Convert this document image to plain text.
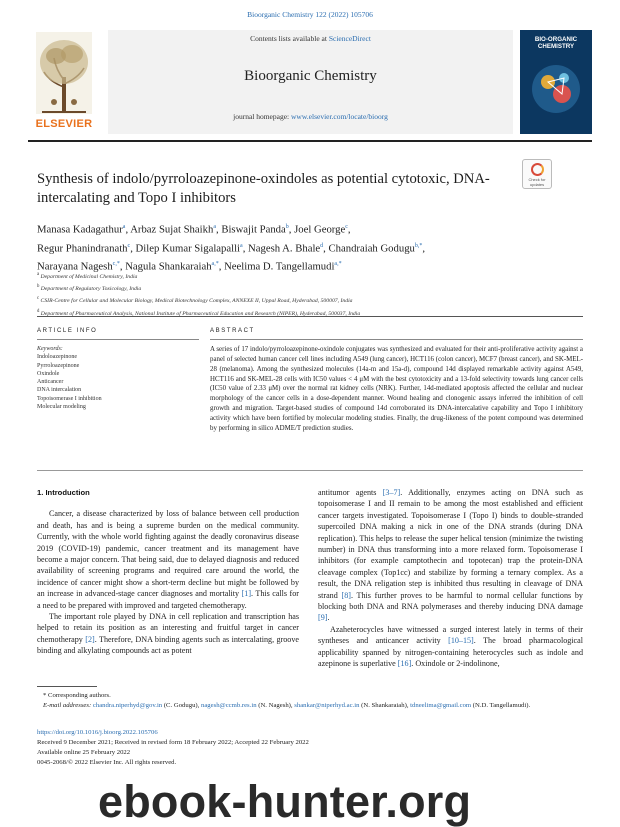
Bioorganic Chemistry 122 (2022) 105706
ELSEVIER
Contents lists available at ScienceDirect
Bioorganic Chemistry
journal homepage: www.elsevier.com/locate/bioorg
BIO-ORGANIC CHEMISTRY
Synthesis of indolo/pyrroloazepinone-oxindoles as potential cytotoxic, DNA-intercalating and Topo I inhibitors
Check for updates
Manasa Kadagathur$^a$, Arbaz Sujat Shaikh$^a$, Biswajit Panda$^b$, Joel George$^c$,
Regur Phanindranath$^c$, Dilep Kumar Sigalapalli$^a$, Nagesh A. Bhale$^d$, Chandraiah Godugu$^{b,*}$,
Narayana Nagesh$^{c,*}$, Nagula Shankaraiah$^{a,*}$, Neelima D. Tangellamudi$^{a,*}$
$^a$ Department of Medicinal Chemistry, India
$^b$ Department of Regulatory Toxicology, India
$^c$ CSIR-Centre for Cellular and Molecular Biology, Medical Biotechnology Complex, ANNEXE II, Uppal Road, Hyderabad, 500007, India
$^d$ Department of Pharmaceutical Analysis, National Institute of Pharmaceutical Education and Research (NIPER), Hyderabad, 500037, India
ARTICLE INFO	ABSTRACT
Keywords:
Indoloazepinone
Pyrroloazepinone
Oxindole
Anticancer
DNA intercalation
Topoisomerase I inhibition
Molecular modeling
A series of 17 indolo/pyrroloazepinone-oxindole conjugates was synthesized and evaluated for their anti-proliferative activity against a panel of selected human cancer cell lines including A549 (lung cancer), HCT116 (colon cancer), MCF7 (breast cancer), and SK-MEL-28 (melanoma). Among the synthesized molecules (14a-m and 15a-d), compound 14d displayed remarkable activity against A549, HCT116 and SK-MEL-28 cells with IC50 values < 4 μM with the best cytotoxicity and a 13-fold selectivity towards lung cancer cells (IC50 value of 2.33 μM) over the normal rat kidney cells (NRK). Further, 14d-mediated apoptosis affected the cellular and nuclear morphology of the cancer cells in a dose-dependent manner. Wound healing and clonogenic assays inferred the inhibition of cell growth and migration. Target-based studies of compound 14d corroborated its DNA-intercalative capability and Topo I inhibitory activity which have been fortified by molecular modeling studies. Finally, the drug-likeness of the potent compound was determined by performing in silico ADME/T prediction studies.
1. Introduction

Cancer, a disease characterized by loss of balance between cell production and death, has and is being a supreme burden on the medical community. Currently, with the whole world fighting against the deadly coronavirus disease 2019 (COVID-19) pandemic, cancer treatment and its management have become a major concern. That being said, due to delayed diagnosis and reduced availability of screening programs and required care around the world, the incidence of cancer might show a short-term decline but might be followed by an increase in advanced-stage cancer diagnoses and mortality [1]. This calls for a need to be prepared with improved and targeted chemotherapy.

The important role played by DNA in cell replication and transcription has helped to retain its position as an interesting and fruitful target in cancer chemotherapy [2]. Therefore, DNA binding agents such as intercalating, groove binding and alkylating compounds act as potent

antitumor agents [3–7]. Additionally, enzymes acting on DNA such as topoisomerase I and II remain to be among the most established and efficient cancer targets investigated. Topoisomerase I (Topo I) binds to double-stranded supercoiled DNA making a nick in one of the DNA strands (during DNA replication). This helps to release the super helical tension (minimize the twisting number) in DNA thus transforming into a more relaxed form. Topoisomerase I inhibitors (for example camptothecin and topotecan) trap the protein-DNA cleavage complex (Top1cc) and stabilize by forming a ternary complex. As a result, the DNA religation step is inhibited thus resulting in cleavage of DNA strand [8]. This further proves to be harmful to normal cellular functions by blocking both DNA and RNA polymerases and thereby inducing DNA damage [9].

Azaheterocycles have witnessed a surged interest lately in terms of their syntheses and anticancer activity [10–15]. The broad pharmacological applicability spanned by nitrogen-containing heterocycles such as indole and azepinone is superlative [16]. Oxindole or 2-indolinone,

* Corresponding authors.
E-mail addresses: chandra.niperhyd@gov.in (C. Godugu), nagesh@ccmb.res.in (N. Nagesh), shankar@niperhyd.ac.in (N. Shankaraiah), tdneelima@gmail.com (N.D. Tangellamudi).
https://doi.org/10.1016/j.bioorg.2022.105706
Received 9 December 2021; Received in revised form 18 February 2022; Accepted 22 February 2022
Available online 25 February 2022
0045-2068/© 2022 Elsevier Inc. All rights reserved.
ebook-hunter.org
